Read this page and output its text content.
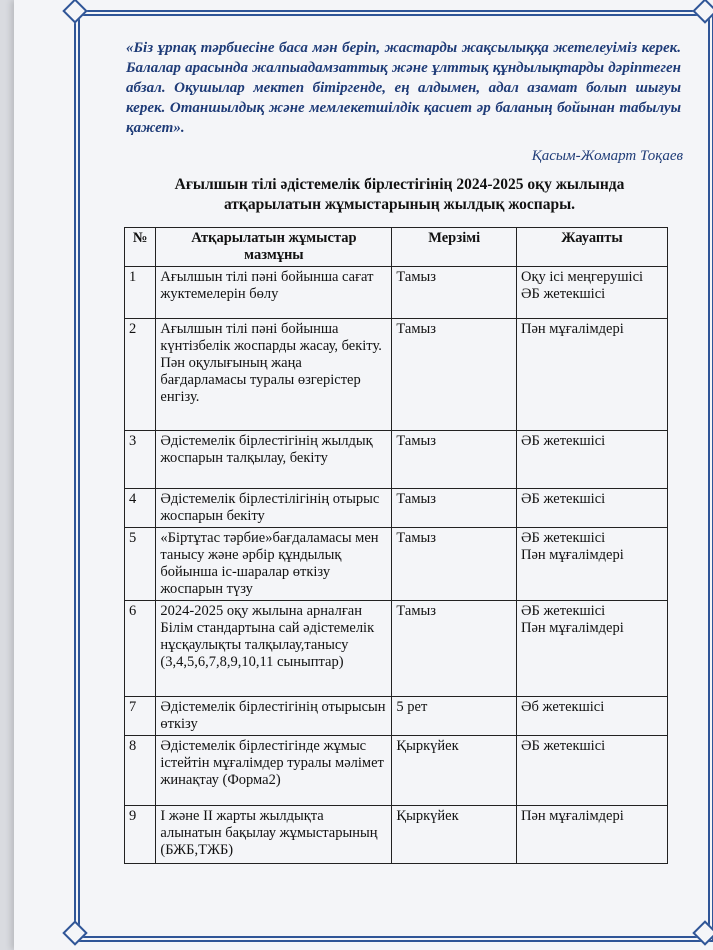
«Біз ұрпақ тәрбиесіне баса мән беріп, жастарды жақсылыққа жетелеуіміз керек. Балалар арасында жалпыадамзаттық және ұлттық құндылықтарды дәріптеген абзал. Оқушылар мектеп бітіргенде, ең алдымен, адал азамат болып шығуы керек. Отаншылдық және мемлекетшілдік қасиет әр баланың бойынан табылуы қажет».

Қасым-Жомарт Тоқаев
Ағылшын тілі әдістемелік бірлестігінің 2024-2025 оқу жылында
атқарылатын жұмыстарының жылдық жоспары.
№	Атқарылатын жұмыстар мазмұны	Мерзімі	Жауапты
1	Ағылшын тілі пәні бойынша сағат жуктемелерін бөлу	Тамыз	Оқу ісі меңгерушісі
ӘБ жетекшісі

2	Ағылшын тілі пәні бойынша күнтізбелік жоспарды жасау, бекіту. Пән оқулығының жаңа бағдарламасы туралы өзгерістер енгізу.	Тамыз	Пән мұғалімдері

3	Әдістемелік бірлестігінің жылдық жоспарын талқылау, бекіту	Тамыз	ӘБ жетекшісі

4	Әдістемелік бірлестілігінің отырыс жоспарын бекіту	Тамыз	ӘБ жетекшісі

5	«Біртұтас тәрбие»бағдаламасы мен танысу және әрбір құндылық бойынша іс-шаралар өткізу жоспарын түзу	Тамыз	ӘБ жетекшісі
Пән мұғалімдері

6	2024-2025 оқу жылына арналған Білім стандартына сай әдістемелік нұсқаулықты талқылау,танысу (3,4,5,6,7,8,9,10,11 сыныптар)	Тамыз	ӘБ жетекшісі
Пән мұғалімдері

7	Әдістемелік бірлестігінің отырысын өткізу	5 рет	Әб жетекшісі

8	Әдістемелік бірлестігінде жұмыс істейтін мұғалімдер туралы мәлімет жинақтау (Форма2)	Қыркүйек	ӘБ жетекшісі

9	І және ІІ жарты жылдықта алынатын бақылау жұмыстарының (БЖБ,ТЖБ)	Қыркүйек	Пән мұғалімдері
